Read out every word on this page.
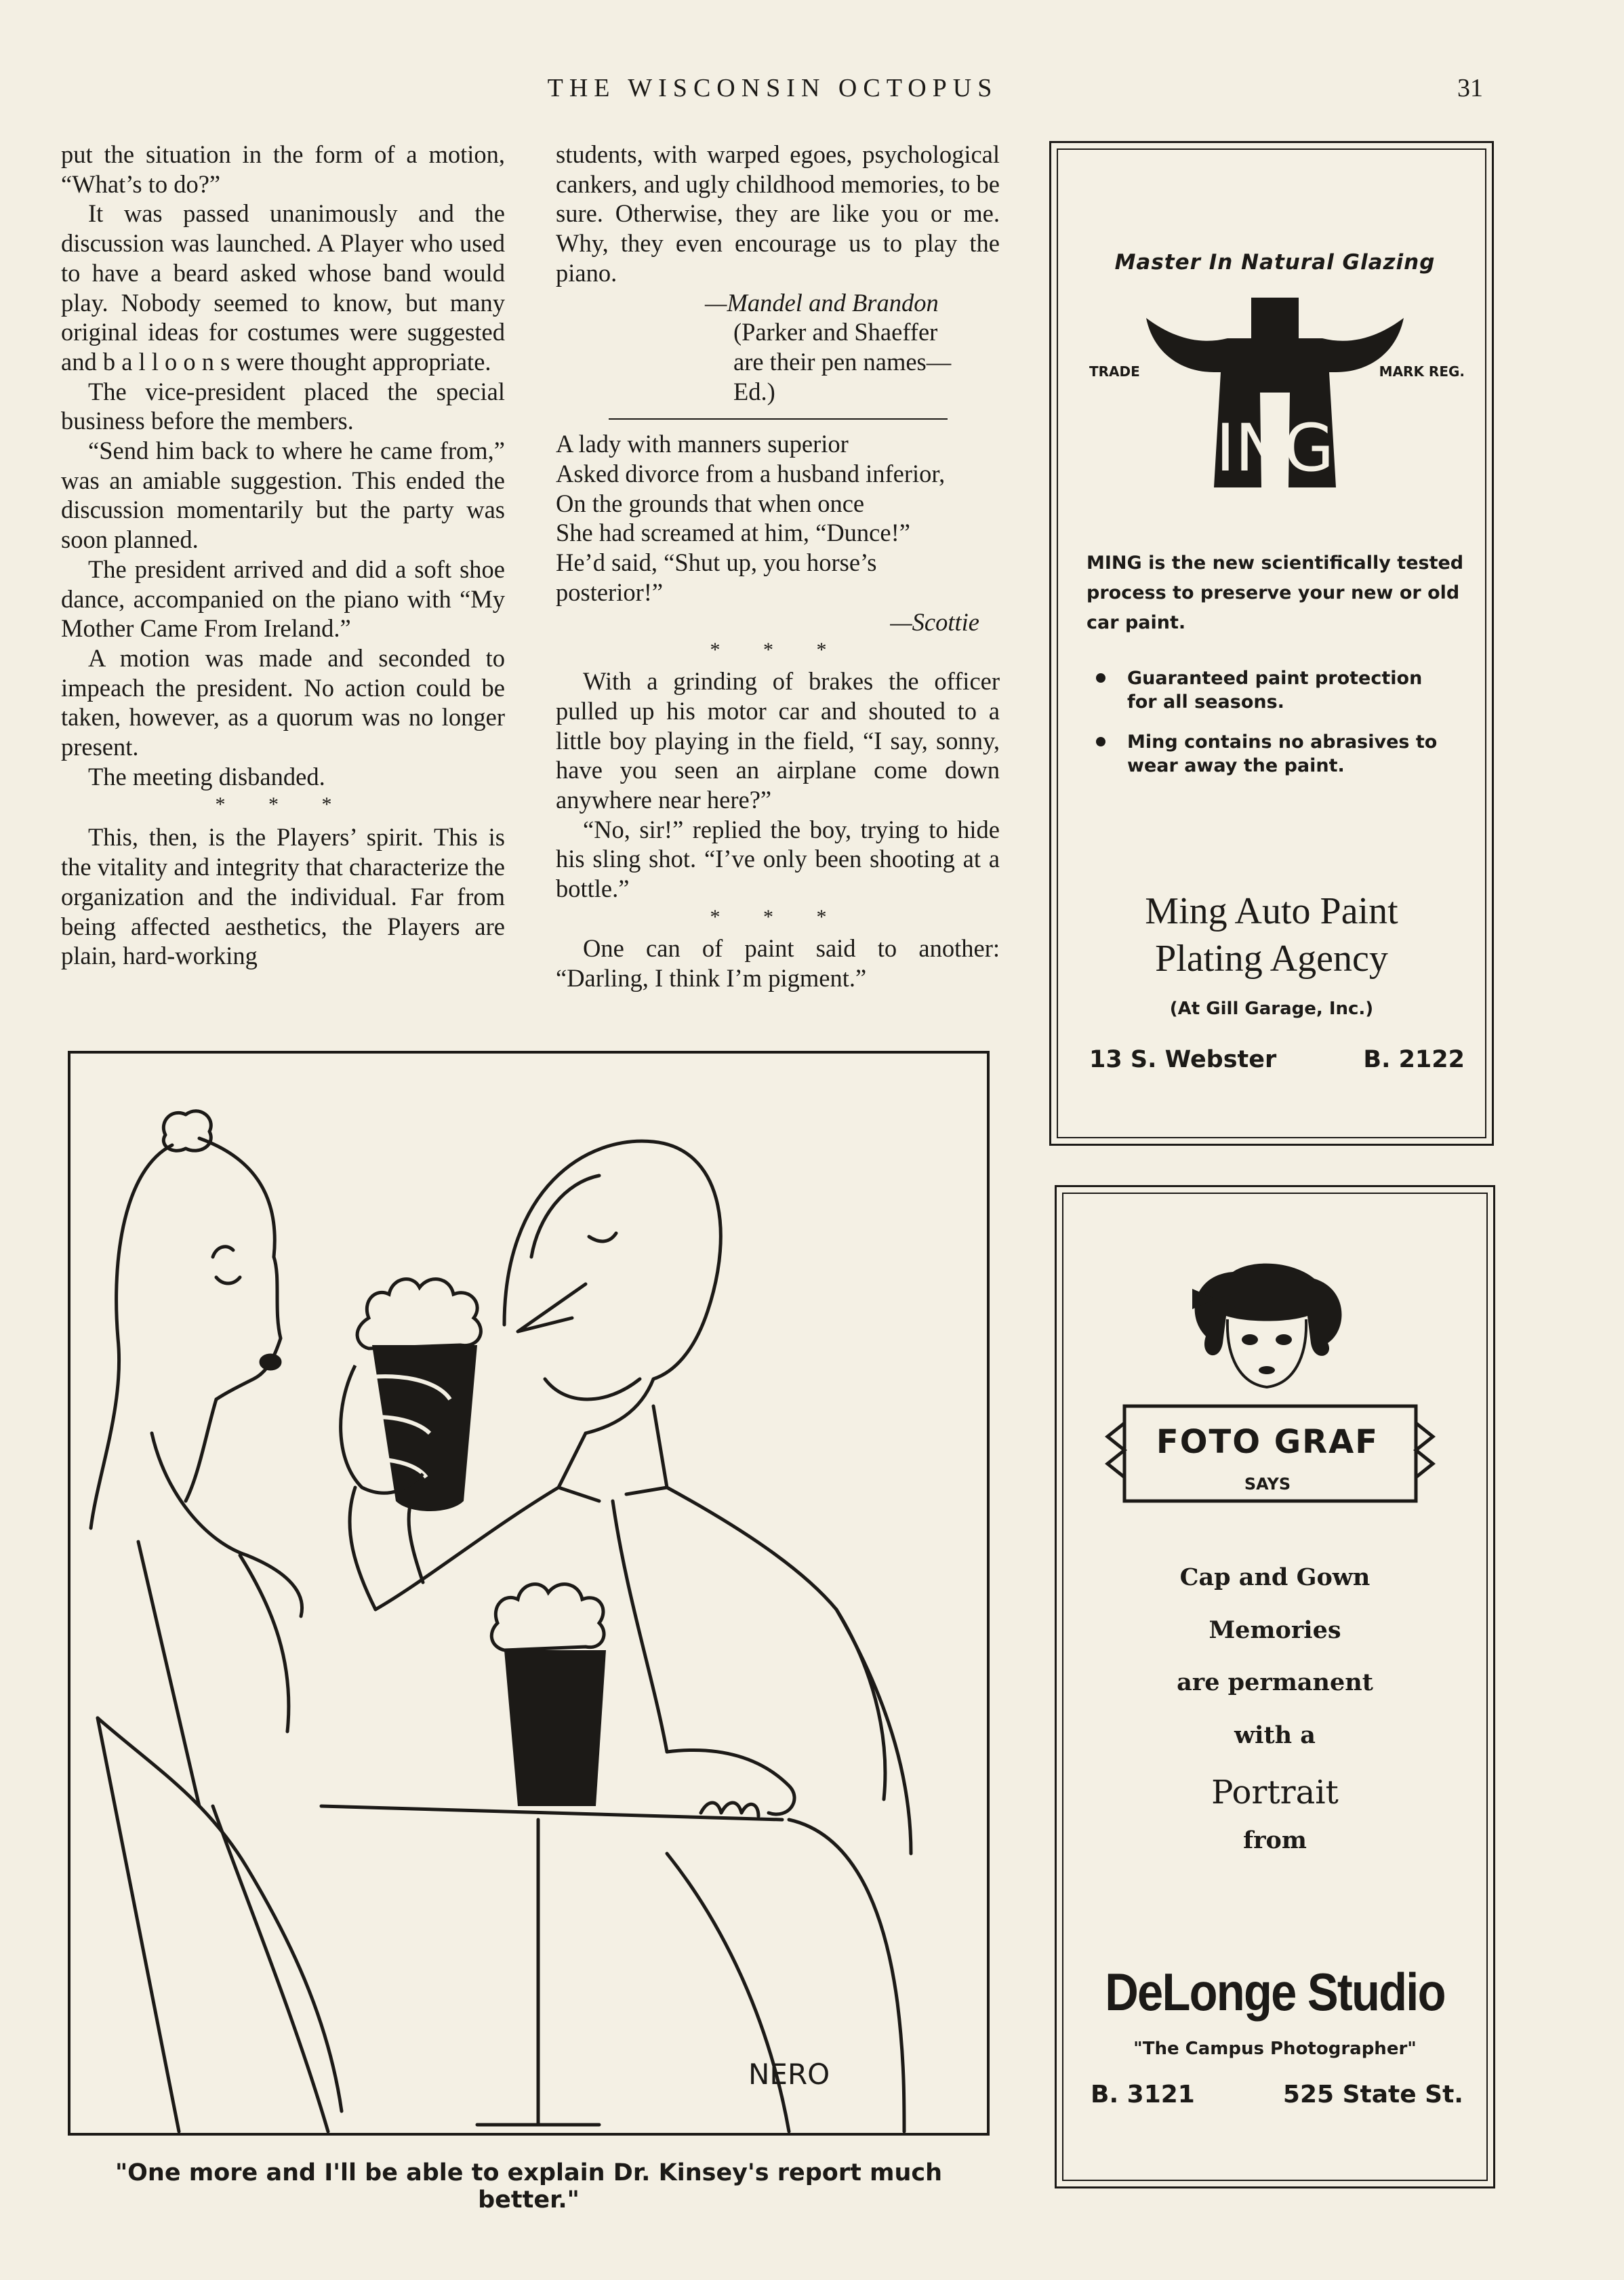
THE WISCONSIN OCTOPUS	31

put the situation in the form of a motion, “What’s to do?”

It was passed unanimously and the discussion was launched. A Player who used to have a beard asked whose band would play. Nobody seemed to know, but many original ideas for costumes were suggested and b a l l o o n s were thought appropriate.

The vice-president placed the special business before the members.

“Send him back to where he came from,” was an amiable suggestion. This ended the discussion momentarily but the party was soon planned.

The president arrived and did a soft shoe dance, accompanied on the piano with “My Mother Came From Ireland.”

A motion was made and seconded to impeach the president. No action could be taken, however, as a quorum was no longer present.

The meeting disbanded.

* * *

This, then, is the Players’ spirit. This is the vitality and integrity that characterize the organization and the individual. Far from being affected aesthetics, the Players are plain, hard-working

students, with warped egoes, psychological cankers, and ugly childhood memories, to be sure. Otherwise, they are like you or me. Why, they even encourage us to play the piano.

—Mandel and Brandon

(Parker and Shaeffer

are their pen names—

Ed.)

A lady with manners superior

Asked divorce from a husband inferior,

On the grounds that when once

She had screamed at him, “Dunce!”

He’d said, “Shut up, you horse’s posterior!”

—Scottie

* * *

With a grinding of brakes the officer pulled up his motor car and shouted to a little boy playing in the field, “I say, sonny, have you seen an airplane come down anywhere near here?”

“No, sir!” replied the boy, trying to hide his sling shot. “I’ve only been shooting at a bottle.”

* * *

One can of paint said to another: “Darling, I think I’m pigment.”

NERO
"One more and I'll be able to explain Dr. Kinsey's report much better."
Master In Natural Glazing
ING
TRADE	MARK REG.
MING is the new scientifically tested process to preserve your new or old car paint.
Guaranteed paint protection for all seasons.
Ming contains no abrasives to wear away the paint.
Ming Auto Paint
Plating Agency
(At Gill Garage, Inc.)
13 S. Webster	B. 2122
FOTO GRAF
SAYS
Cap and Gown
Memories
are permanent
with a
Portrait
from
DeLonge Studio
"The Campus Photographer"
B. 3121	525 State St.
